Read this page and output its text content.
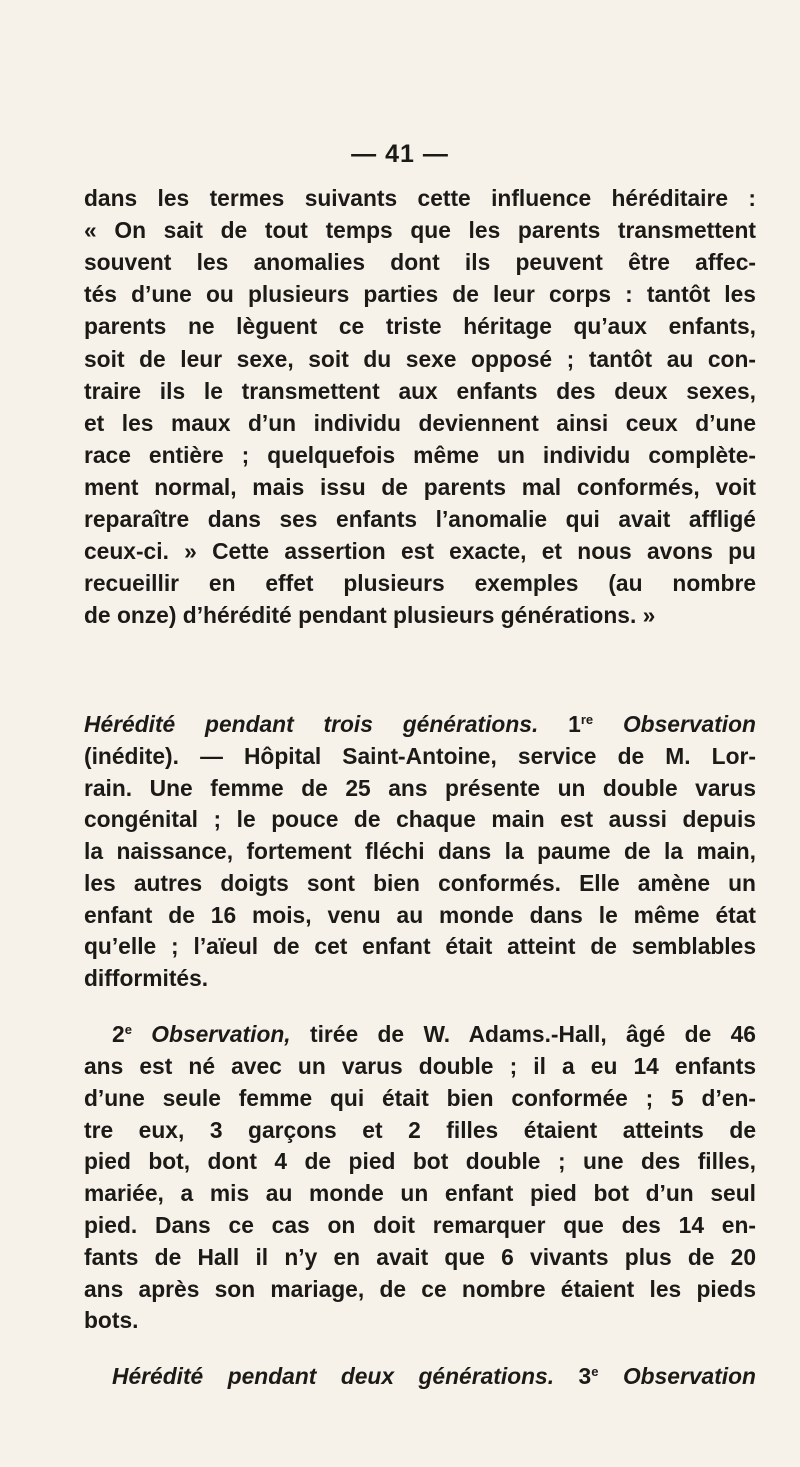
— 41 —
dans les termes suivants cette influence héréditaire :
« On sait de tout temps que les parents transmettent
souvent les anomalies dont ils peuvent être affec-
tés d’une ou plusieurs parties de leur corps : tantôt les
parents ne lèguent ce triste héritage qu’aux enfants,
soit de leur sexe, soit du sexe opposé ; tantôt au con-
traire ils le transmettent aux enfants des deux sexes,
et les maux d’un individu deviennent ainsi ceux d’une
race entière ; quelquefois même un individu complète-
ment normal, mais issu de parents mal conformés, voit
reparaître dans ses enfants l’anomalie qui avait affligé
ceux-ci. » Cette assertion est exacte, et nous avons pu
recueillir en effet plusieurs exemples (au nombre
de onze) d’hérédité pendant plusieurs générations. »
Hérédité pendant trois générations. 1re Observation
(inédite). — Hôpital Saint-Antoine, service de M. Lor-
rain. Une femme de 25 ans présente un double varus
congénital ; le pouce de chaque main est aussi depuis
la naissance, fortement fléchi dans la paume de la main,
les autres doigts sont bien conformés. Elle amène un
enfant de 16 mois, venu au monde dans le même état
qu’elle ; l’aïeul de cet enfant était atteint de semblables
difformités.
2e Observation, tirée de W. Adams.-Hall, âgé de 46
ans est né avec un varus double ; il a eu 14 enfants
d’une seule femme qui était bien conformée ; 5 d’en-
tre eux, 3 garçons et 2 filles étaient atteints de
pied bot, dont 4 de pied bot double ; une des filles,
mariée, a mis au monde un enfant pied bot d’un seul
pied. Dans ce cas on doit remarquer que des 14 en-
fants de Hall il n’y en avait que 6 vivants plus de 20
ans après son mariage, de ce nombre étaient les pieds
bots.
Hérédité pendant deux générations. 3e Observation
